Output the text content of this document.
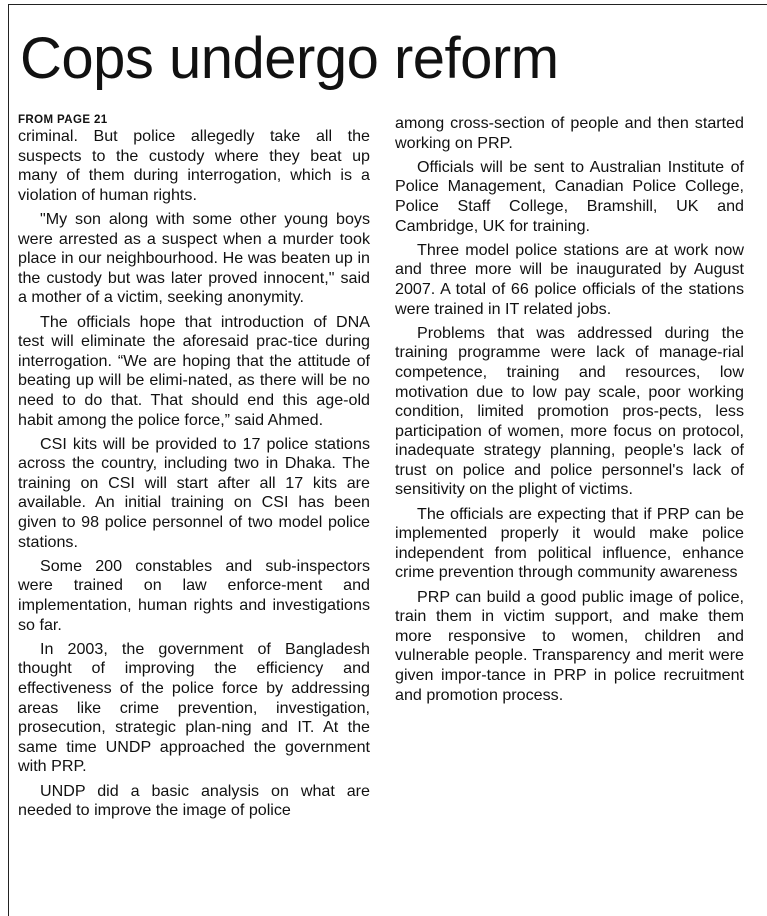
Cops undergo reform
FROM PAGE 21

criminal. But police allegedly take all the suspects to the custody where they beat up many of them during interrogation, which is a violation of human rights.

"My son along with some other young boys were arrested as a suspect when a murder took place in our neighbourhood. He was beaten up in the custody but was later proved innocent," said a mother of a victim, seeking anonymity.

The officials hope that introduction of DNA test will eliminate the aforesaid prac-tice during interrogation. “We are hoping that the attitude of beating up will be elimi-nated, as there will be no need to do that. That should end this age-old habit among the police force,” said Ahmed.

CSI kits will be provided to 17 police stations across the country, including two in Dhaka. The training on CSI will start after all 17 kits are available. An initial training on CSI has been given to 98 police personnel of two model police stations.

Some 200 constables and sub-inspectors were trained on law enforce-ment and implementation, human rights and investigations so far.

In 2003, the government of Bangladesh thought of improving the efficiency and effectiveness of the police force by addressing areas like crime prevention, investigation, prosecution, strategic plan-ning and IT. At the same time UNDP approached the government with PRP.

UNDP did a basic analysis on what are needed to improve the image of police

among cross-section of people and then started working on PRP.

Officials will be sent to Australian Institute of Police Management, Canadian Police College, Police Staff College, Bramshill, UK and Cambridge, UK for training.

Three model police stations are at work now and three more will be inaugurated by August 2007. A total of 66 police officials of the stations were trained in IT related jobs.

Problems that was addressed during the training programme were lack of manage-rial competence, training and resources, low motivation due to low pay scale, poor working condition, limited promotion pros-pects, less participation of women, more focus on protocol, inadequate strategy planning, people's lack of trust on police and police personnel's lack of sensitivity on the plight of victims.

The officials are expecting that if PRP can be implemented properly it would make police independent from political influence, enhance crime prevention through community awareness

PRP can build a good public image of police, train them in victim support, and make them more responsive to women, children and vulnerable people. Transparency and merit were given impor-tance in PRP in police recruitment and promotion process.
